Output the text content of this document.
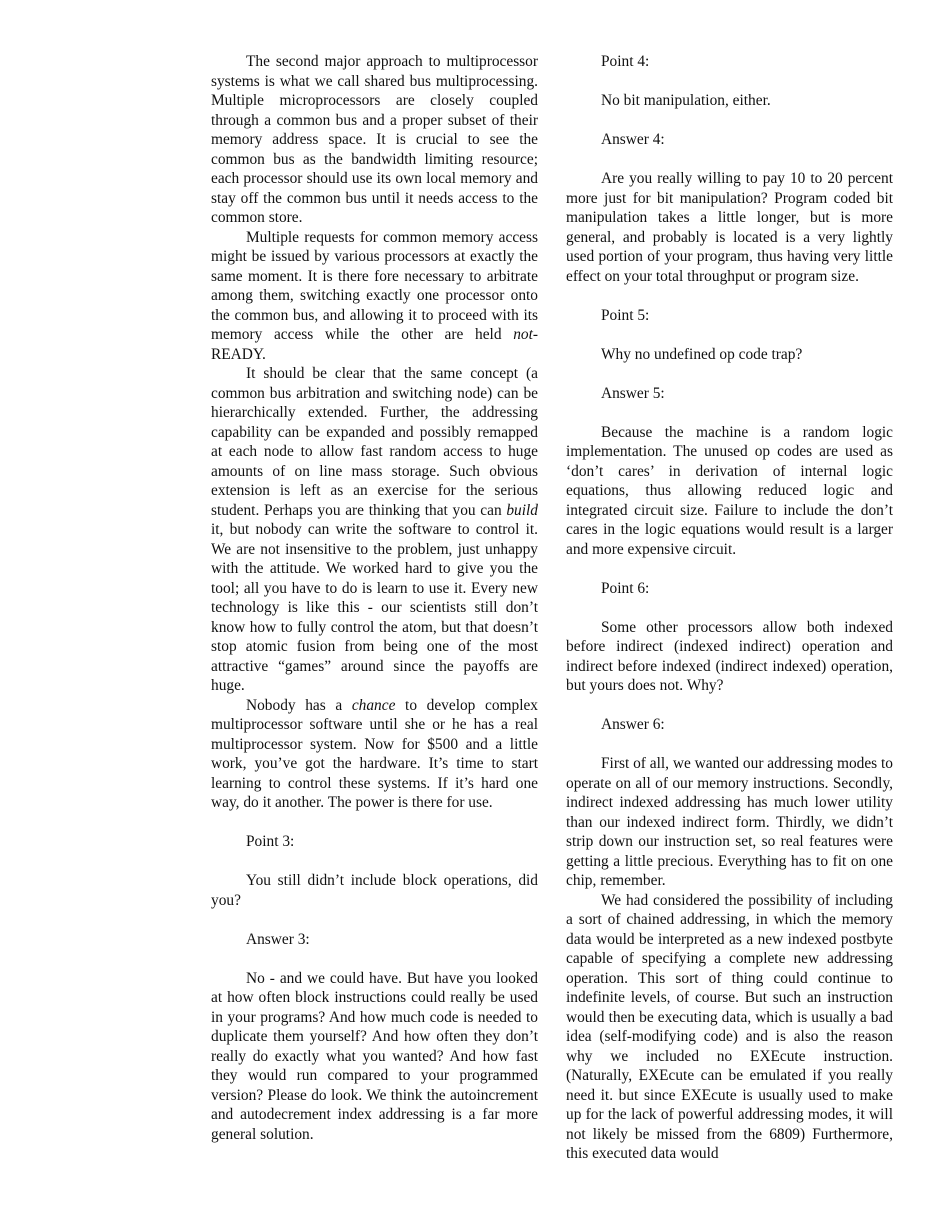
The second major approach to multiprocessor systems is what we call shared bus multiprocessing. Multiple microprocessors are closely coupled through a common bus and a proper subset of their memory address space. It is crucial to see the common bus as the bandwidth limiting resource; each processor should use its own local memory and stay off the common bus until it needs access to the common store.

Multiple requests for common memory access might be issued by various processors at exactly the same moment. It is there fore necessary to arbitrate among them, switching exactly one processor onto the common bus, and allowing it to proceed with its memory access while the other are held not-READY.

It should be clear that the same concept (a common bus arbitration and switching node) can be hierarchically extended. Further, the addressing capability can be expanded and possibly remapped at each node to allow fast random access to huge amounts of on line mass storage. Such obvious extension is left as an exercise for the serious student. Perhaps you are thinking that you can build it, but nobody can write the software to control it. We are not insensitive to the problem, just unhappy with the attitude. We worked hard to give you the tool; all you have to do is learn to use it. Every new technology is like this - our scientists still don’t know how to fully control the atom, but that doesn’t stop atomic fusion from being one of the most attractive “games” around since the payoffs are huge.

Nobody has a chance to develop complex multiprocessor software until she or he has a real multiprocessor system. Now for $500 and a little work, you’ve got the hardware. It’s time to start learning to control these systems. If it’s hard one way, do it another. The power is there for use.

Point 3:

You still didn’t include block operations, did you?

Answer 3:

No - and we could have. But have you looked at how often block instructions could really be used in your programs? And how much code is needed to duplicate them yourself? And how often they don’t really do exactly what you wanted? And how fast they would run compared to your programmed version? Please do look. We think the autoincrement and autodecrement index addressing is a far more general solution.

Point 4:

No bit manipulation, either.

Answer 4:

Are you really willing to pay 10 to 20 percent more just for bit manipulation? Program coded bit manipulation takes a little longer, but is more general, and probably is located is a very lightly used portion of your program, thus having very little effect on your total throughput or program size.

Point 5:

Why no undefined op code trap?

Answer 5:

Because the machine is a random logic implementation. The unused op codes are used as ‘don’t cares’ in derivation of internal logic equations, thus allowing reduced logic and integrated circuit size. Failure to include the don’t cares in the logic equations would result is a larger and more expensive circuit.

Point 6:

Some other processors allow both indexed before indirect (indexed indirect) operation and indirect before indexed (indirect indexed) operation, but yours does not. Why?

Answer 6:

First of all, we wanted our addressing modes to operate on all of our memory instructions. Secondly, indirect indexed addressing has much lower utility than our indexed indirect form. Thirdly, we didn’t strip down our instruction set, so real features were getting a little precious. Everything has to fit on one chip, remember.

We had considered the possibility of including a sort of chained addressing, in which the memory data would be interpreted as a new indexed postbyte capable of specifying a complete new addressing operation. This sort of thing could continue to indefinite levels, of course. But such an instruction would then be executing data, which is usually a bad idea (self-modifying code) and is also the reason why we included no EXEcute instruction. (Naturally, EXEcute can be emulated if you really need it. but since EXEcute is usually used to make up for the lack of powerful addressing modes, it will not likely be missed from the 6809) Furthermore, this executed data would
